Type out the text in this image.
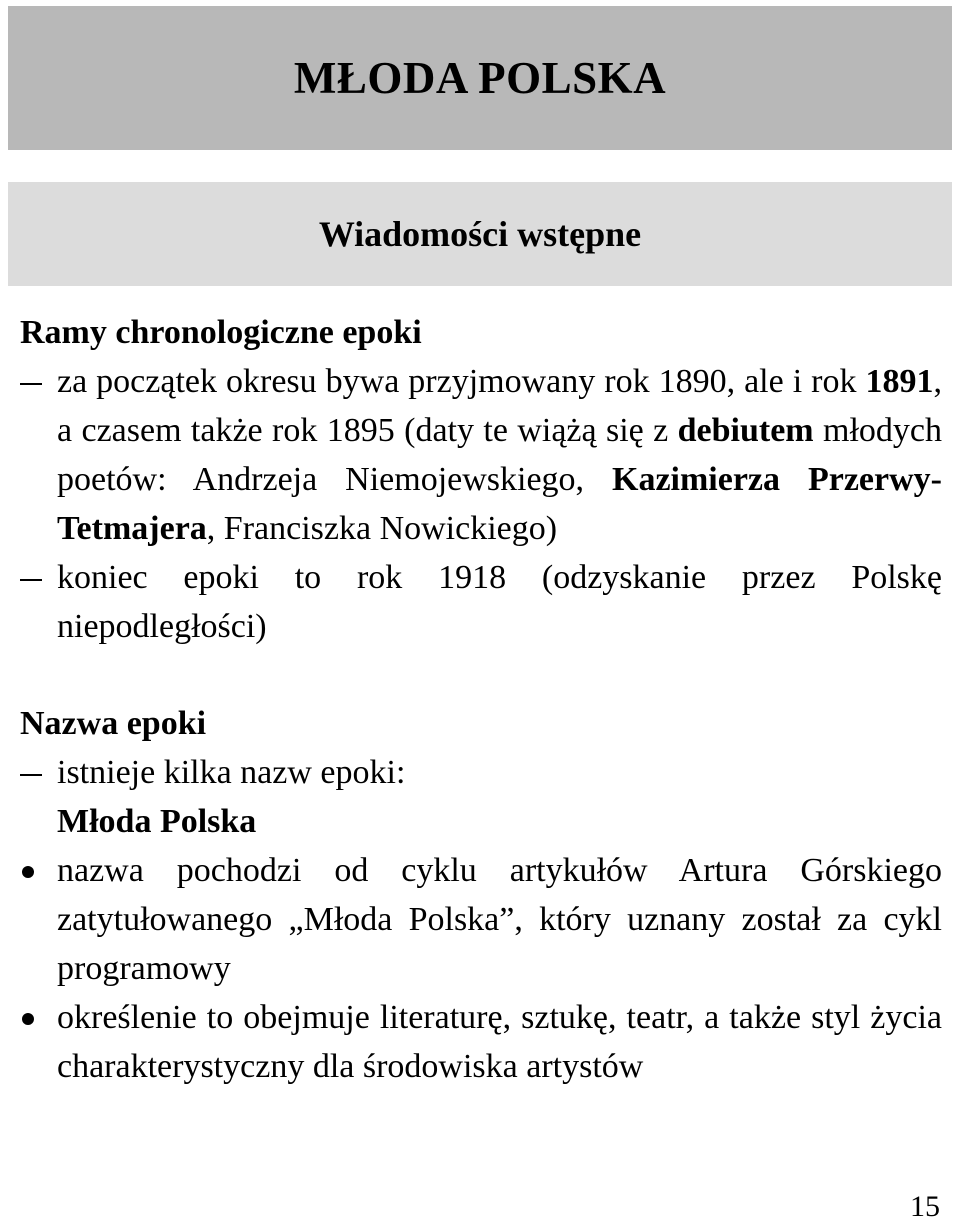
MŁODA POLSKA
Wiadomości wstępne

Ramy chronologiczne epoki

za początek okresu bywa przyjmowany rok 1890, ale i rok 1891, a czasem także rok 1895 (daty te wiążą się z debiutem młodych poetów: Andrzeja Niemojewskiego, Kazimierza Przerwy-Tetmajera, Franciszka Nowickiego)
koniec epoki to rok 1918 (odzyskanie przez Polskę niepodległości)

Nazwa epoki

istnieje kilka nazw epoki:
Młoda Polska
nazwa pochodzi od cyklu artykułów Artura Górskiego zatytułowanego „Młoda Polska”, który uznany został za cykl programowy
określenie to obejmuje literaturę, sztukę, teatr, a także styl życia charakterystyczny dla środowiska artystów
15
